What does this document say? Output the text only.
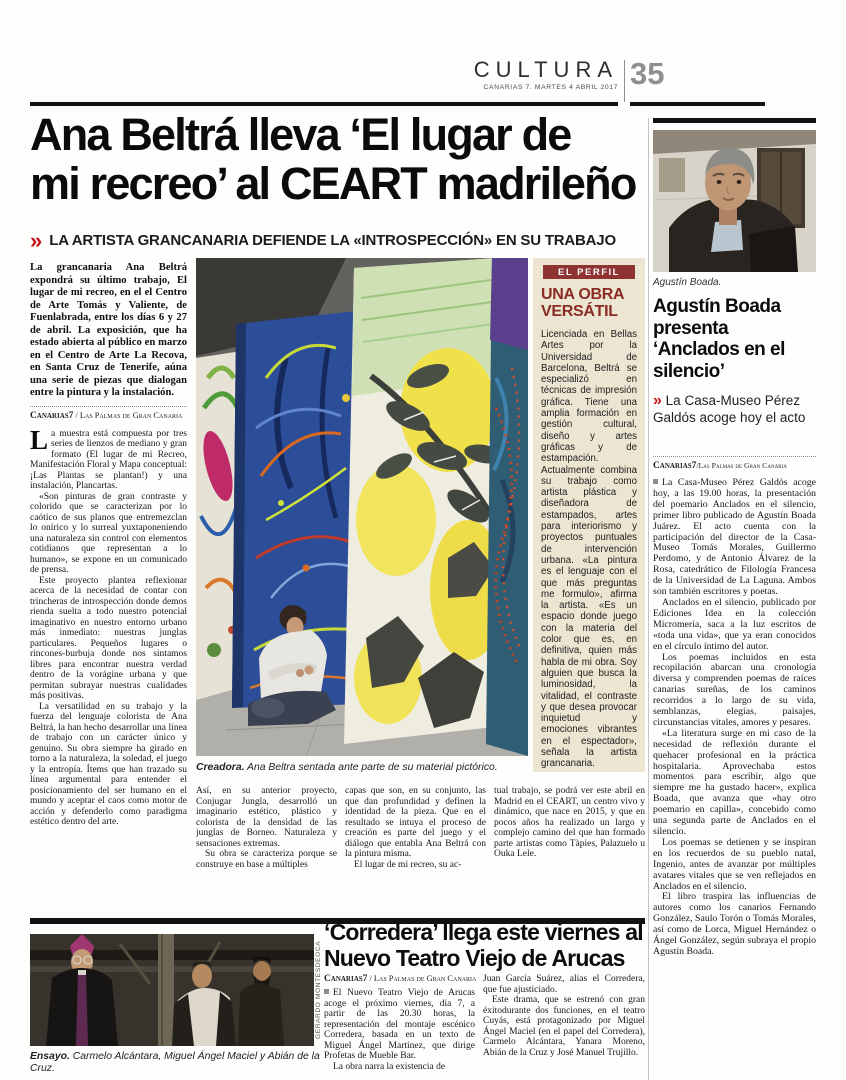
CULTURA
CANARIAS 7. MARTES 4 ABRIL 2017 35
Ana Beltrá lleva ‘El lugar de
mi recreo’ al CEART madrileño
» LA ARTISTA GRANCANARIA DEFIENDE LA «INTROSPECCIÓN» EN SU TRABAJO

La grancanaria Ana Beltrá expondrá su último trabajo, El lugar de mi recreo, en el el Centro de Arte Tomás y Valiente, de Fuenlabrada, entre los días 6 y 27 de abril. La exposición, que ha estado abierta al público en marzo en el Centro de Arte La Recova, en Santa Cruz de Tenerife, aúna una serie de piezas que dialogan entre la pintura y la instalación.

Canarias7 / Las Palmas de Gran Canaria

La muestra está compuesta por tres series de lienzos de mediano y gran formato (El lugar de mi Recreo, Manifestación Floral y Mapa conceptual: ¡Las Plantas se plantan!) y una instalación, Plancartas.

«Son pinturas de gran contraste y colorido que se caracterizan por lo caótico de sus planos que entremezclan lo onírico y lo surreal yuxtaponeniendo una naturaleza sin control con elementos cotidianos que representan a lo humano», se expone en un comunicado de prensa.

Este proyecto plantea reflexionar acerca de la necesidad de contar con trincheras de introspección donde demos rienda suelta a todo nuestro potencial imaginativo en nuestro entorno urbano más inmediato: nuestras junglas particulares. Pequeños lugares o rincones-burbuja donde nos sintamos libres para encontrar nuestra verdad dentro de la vorágine urbana y que permitan subrayar nuestras cualidades más positivas.

La versatilidad en su trabajo y la fuerza del lenguaje colorista de Ana Beltrá, la han hecho desarrollar una línea de trabajo con un carácter único y genuino. Su obra siempre ha girado en torno a la naturaleza, la soledad, el juego y la entropía. Ítems que han trazado su línea argumental para entender el posicionamiento del ser humano en el mundo y aceptar el caos como motor de acción y defenderlo como paradigma estético dentro del arte.

Creadora. Ana Beltra sentada ante parte de su material pictórico.
EL PERFIL
UNA OBRA VERSÁTIL

Licenciada en Bellas Artes por la Universidad de Barcelona, Beltrá se especializó en técnicas de impresión gráfica. Tiene una amplia formación en gestión cultural, diseño y artes gráficas y de estampación. Actualmente combina su trabajo como artista plástica y diseñadora de estampados, artes para interiorismo y proyectos puntuales de intervención urbana. «La pintura es el lenguaje con el que más preguntas me formulo», afirma la artista. «Es un espacio donde juego con la materia del color que es, en definitiva, quien más habla de mi obra. Soy alguien que busca la luminosidad, la vitalidad, el contraste y que desea provocar inquietud y emociones vibrantes en el espectador», señala la artista grancanaria.

Así, en su anterior proyecto, Conjugar Jungla, desarrolló un imaginario estético, plástico y colorista de la densidad de las junglas de Borneo. Naturaleza y sensaciones extremas.

Su obra se caracteriza porque se construye en base a múltiples

capas que son, en su conjunto, las que dan profundidad y definen la identidad de la pieza. Que en el resultado se intuya el proceso de creación es parte del juego y el diálogo que entabla Ana Beltrá con la pintura misma.

El lugar de mi recreo, su ac-

tual trabajo, se podrá ver este abril en Madrid en el CEART, un centro vivo y dinámico, que nace en 2015, y que en pocos años ha realizado un largo y complejo camino del que han formado parte artistas como Tàpies, Palazuelo u Ouka Lele.

GERARDO MONTESDEOCA
Ensayo. Carmelo Alcántara, Miguel Ángel Maciel y Abián de la Cruz.
‘Corredera’ llega este viernes al
Nuevo Teatro Viejo de Arucas

Canarias7 / Las Palmas de Gran Canaria

El Nuevo Teatro Viejo de Arucas acoge el próximo viernes, día 7, a partir de las 20.30 horas, la representación del montaje escénico Corredera, basada en un texto de Miguel Ángel Martínez, que dirige Profetas de Mueble Bar.

La obra narra la existencia de

Juan García Suárez, alias el Corredera, que fue ajusticiado.

Este drama, que se estrenó con gran éxitodurante dos funciones, en el teatro Cuyás, está protagonizado por Miguel Ángel Maciel (en el papel del Corredera), Carmelo Alcántara, Yanara Moreno, Abián de la Cruz y José Manuel Trujillo.

Agustín Boada.
Agustín Boada presenta ‘Anclados en el silencio’
» La Casa-Museo Pérez Galdós acoge hoy el acto

Canarias7/Las Palmas de Gran Canaria

La Casa-Museo Pérez Galdós acoge hoy, a las 19.00 horas, la presentación del poemario Anclados en el silencio, primer libro publicado de Agustín Boada Juárez. El acto cuenta con la participación del director de la Casa-Museo Tomás Morales, Guillermo Perdomo, y de Antonio Álvarez de la Rosa, catedrático de Filología Francesa de la Universidad de La Laguna. Ambos son también escritores y poetas.

Anclados en el silencio, publicado por Ediciones Idea en la colección Micromería, saca a la luz escritos de «toda una vida», que ya eran conocidos en el círculo íntimo del autor.

Los poemas incluidos en esta recopilación abarcan una cronología diversa y comprenden poemas de raíces canarias sureñas, de los caminos recorridos a lo largo de su vida, semblanzas, elegías, paisajes, circunstancias vitales, amores y pesares.

«La literatura surge en mi caso de la necesidad de reflexión durante el quehacer profesional en la práctica hospitalaria. Aprovechaba estos momentos para escribir, algo que siempre me ha gustado hacer», explica Boada, que avanza que «hay otro poemario en capilla», concebido como una segunda parte de Anclados en el silencio.

Los poemas se detienen y se inspiran en los recuerdos de su pueblo natal, Ingenio, antes de avanzar por múltiples avatares vitales que se ven reflejados en Anclados en el silencio.

El libro traspira las influencias de autores como los canarios Fernando González, Saulo Torón o Tomás Morales, así como de Lorca, Miguel Hernández o Ángel González, según subraya el propio Agustín Boada.
